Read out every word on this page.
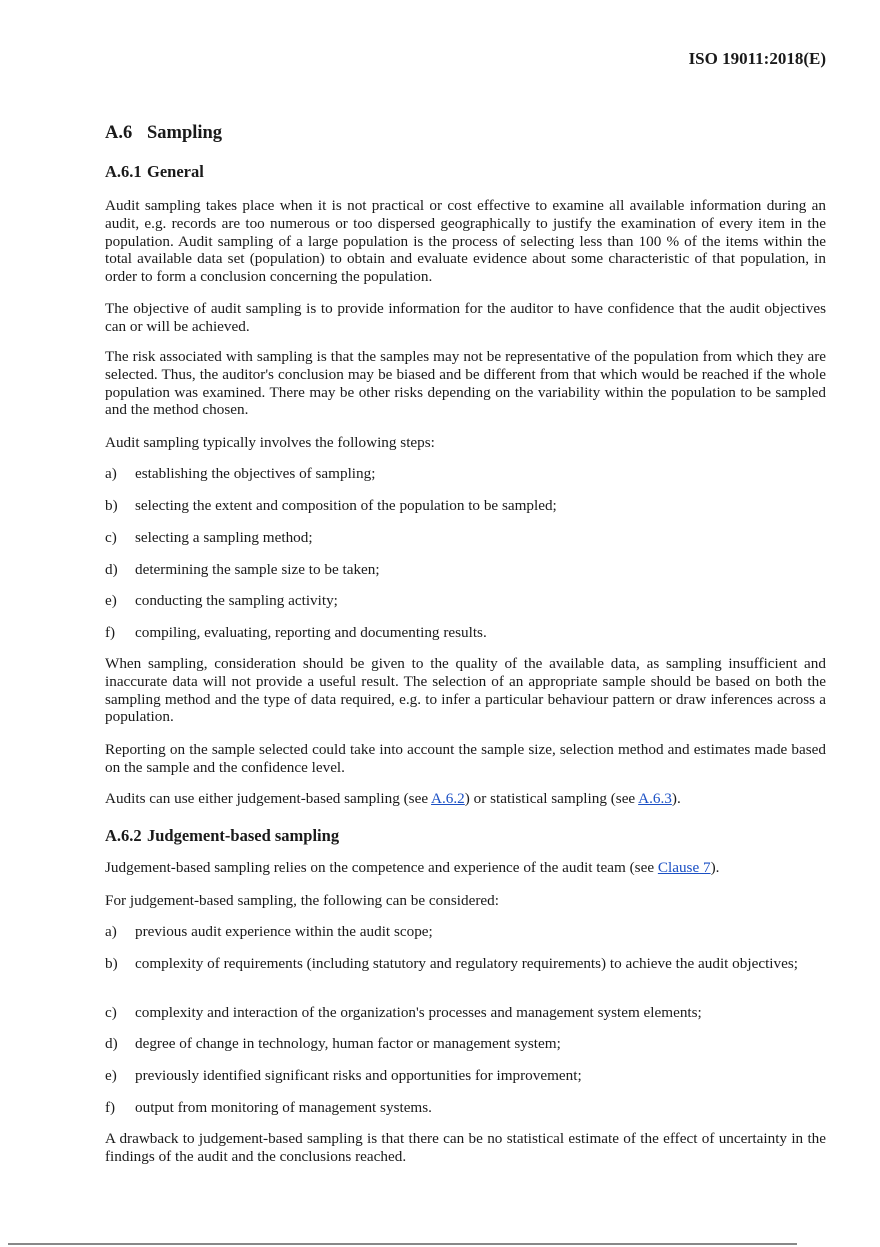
ISO 19011:2018(E)
A.6 Sampling
A.6.1 General
Audit sampling takes place when it is not practical or cost effective to examine all available information during an audit, e.g. records are too numerous or too dispersed geographically to justify the examination of every item in the population. Audit sampling of a large population is the process of selecting less than 100 % of the items within the total available data set (population) to obtain and evaluate evidence about some characteristic of that population, in order to form a conclusion concerning the population.
The objective of audit sampling is to provide information for the auditor to have confidence that the audit objectives can or will be achieved.
The risk associated with sampling is that the samples may not be representative of the population from which they are selected. Thus, the auditor's conclusion may be biased and be different from that which would be reached if the whole population was examined. There may be other risks depending on the variability within the population to be sampled and the method chosen.
Audit sampling typically involves the following steps:
a) establishing the objectives of sampling;
b) selecting the extent and composition of the population to be sampled;
c) selecting a sampling method;
d) determining the sample size to be taken;
e) conducting the sampling activity;
f) compiling, evaluating, reporting and documenting results.
When sampling, consideration should be given to the quality of the available data, as sampling insufficient and inaccurate data will not provide a useful result. The selection of an appropriate sample should be based on both the sampling method and the type of data required, e.g. to infer a particular behaviour pattern or draw inferences across a population.
Reporting on the sample selected could take into account the sample size, selection method and estimates made based on the sample and the confidence level.
Audits can use either judgement-based sampling (see A.6.2) or statistical sampling (see A.6.3).
A.6.2 Judgement-based sampling
Judgement-based sampling relies on the competence and experience of the audit team (see Clause 7).
For judgement-based sampling, the following can be considered:
a) previous audit experience within the audit scope;
b) complexity of requirements (including statutory and regulatory requirements) to achieve the audit objectives;
c) complexity and interaction of the organization's processes and management system elements;
d) degree of change in technology, human factor or management system;
e) previously identified significant risks and opportunities for improvement;
f) output from monitoring of management systems.
A drawback to judgement-based sampling is that there can be no statistical estimate of the effect of uncertainty in the findings of the audit and the conclusions reached.
